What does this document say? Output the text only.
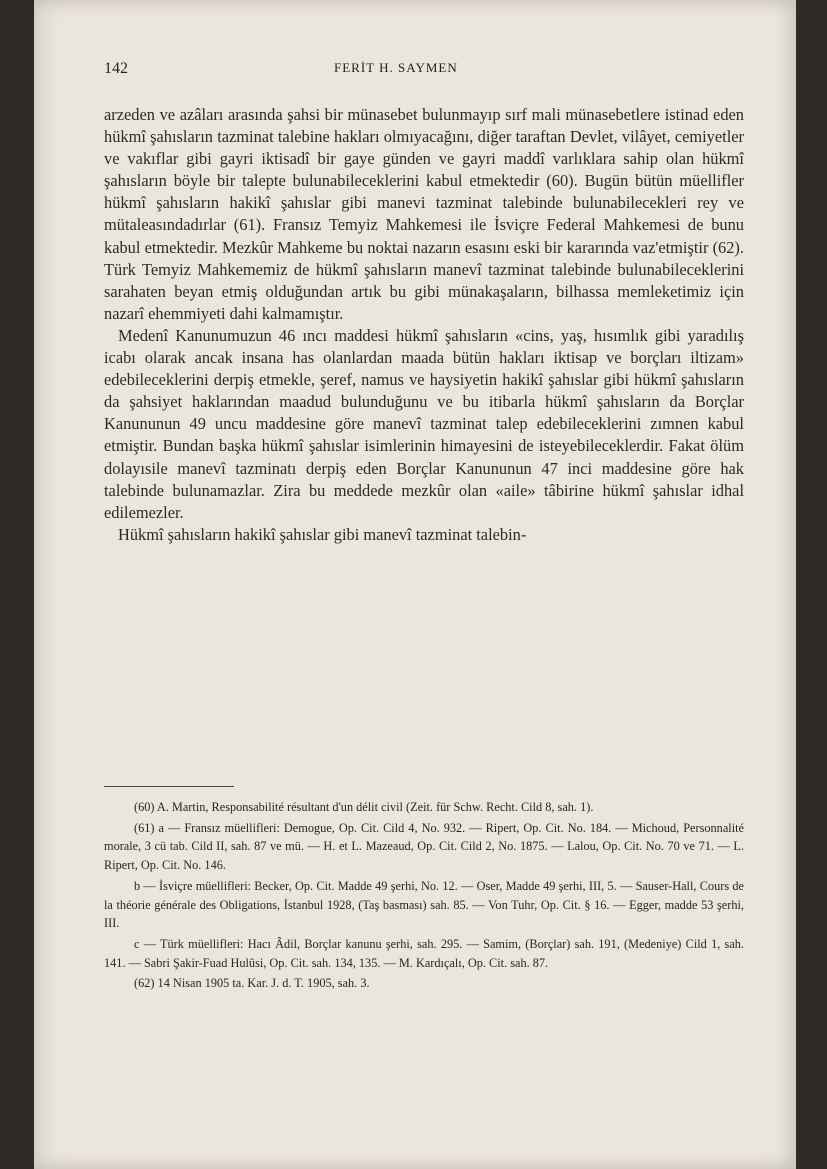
142	FERİT H. SAYMEN

arzeden ve azâları arasında şahsi bir münasebet bulunmayıp sırf mali münasebetlere istinad eden hükmî şahısların tazminat talebine hakları olmıyacağını, diğer taraftan Devlet, vilâyet, cemiyetler ve vakıflar gibi gayri iktisadî bir gaye günden ve gayri maddî varlıklara sahip olan hükmî şahısların böyle bir talepte bulunabileceklerini kabul etmektedir (60). Bugün bütün müellifler hükmî şahısların hakikî şahıslar gibi manevi tazminat talebinde bulunabilecekleri rey ve mütaleasındadırlar (61). Fransız Temyiz Mahkemesi ile İsviçre Federal Mahkemesi de bunu kabul etmektedir. Mezkûr Mahkeme bu noktai nazarın esasını eski bir kararında vaz'etmiştir (62). Türk Temyiz Mahkememiz de hükmî şahısların manevî tazminat talebinde bulunabileceklerini sarahaten beyan etmiş olduğundan artık bu gibi münakaşaların, bilhassa memleketimiz için nazarî ehemmiyeti dahi kalmamıştır.

Medenî Kanunumuzun 46 ıncı maddesi hükmî şahısların «cins, yaş, hısımlık gibi yaradılış icabı olarak ancak insana has olanlardan maada bütün hakları iktisap ve borçları iltizam» edebileceklerini derpiş etmekle, şeref, namus ve haysiyetin hakikî şahıslar gibi hükmî şahısların da şahsiyet haklarından maadud bulunduğunu ve bu itibarla hükmî şahısların da Borçlar Kanununun 49 uncu maddesine göre manevî tazminat talep edebileceklerini zımnen kabul etmiştir. Bundan başka hükmî şahıslar isimlerinin himayesini de isteyebileceklerdir. Fakat ölüm dolayısile manevî tazminatı derpiş eden Borçlar Kanununun 47 inci maddesine göre hak talebinde bulunamazlar. Zira bu meddede mezkûr olan «aile» tâbirine hükmî şahıslar idhal edilemezler.

Hükmî şahısların hakikî şahıslar gibi manevî tazminat talebin-

(60) A. Martin, Responsabilité résultant d'un délit civil (Zeit. für Schw. Recht. Cild 8, sah. 1).

(61) a — Fransız müellifleri: Demogue, Op. Cit. Cild 4, No. 932. — Ripert, Op. Cit. No. 184. — Michoud, Personnalité morale, 3 cü tab. Cild II, sah. 87 ve mü. — H. et L. Mazeaud, Op. Cit. Cild 2, No. 1875. — Lalou, Op. Cit. No. 70 ve 71. — L. Ripert, Op. Cit. No. 146.

b — İsviçre müellifleri: Becker, Op. Cit. Madde 49 şerhi, No. 12. — Oser, Madde 49 şerhi, III, 5. — Sauser-Hall, Cours de la théorie générale des Obligations, İstanbul 1928, (Taş basması) sah. 85. — Von Tuhr, Op. Cit. § 16. — Egger, madde 53 şerhi, III.

c — Türk müellifleri: Hacı Âdil, Borçlar kanunu şerhi, sah. 295. — Samim, (Borçlar) sah. 191, (Medeniye) Cild 1, sah. 141. — Sabri Şakir-Fuad Hulûsi, Op. Cit. sah. 134, 135. — M. Kardıçalı, Op. Cit. sah. 87.

(62) 14 Nisan 1905 ta. Kar. J. d. T. 1905, sah. 3.
